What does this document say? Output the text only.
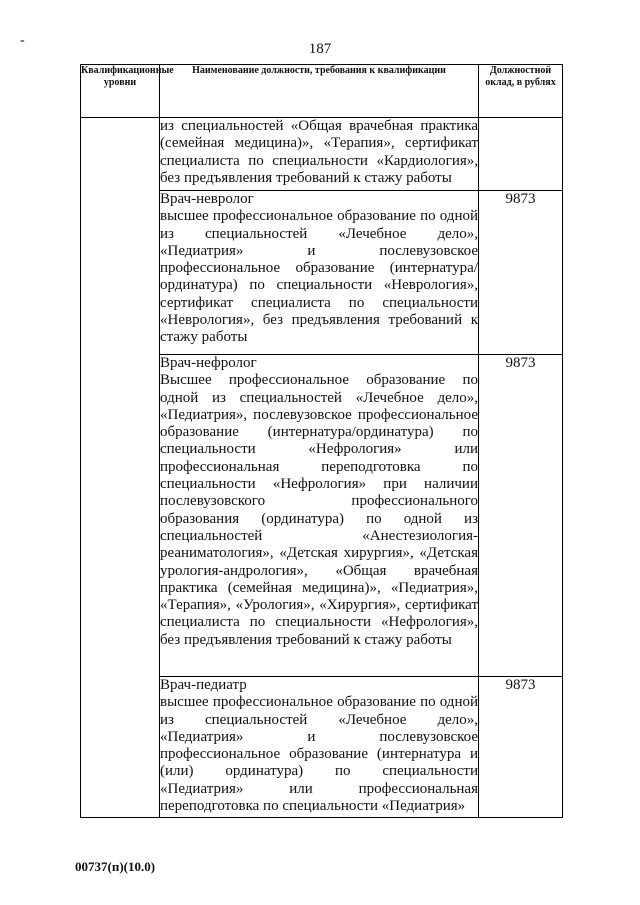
-
187
Квалификационные уровни	Наименование должности, требования к квалификации	Должностной оклад, в рублях

	из специальностей «Общая врачебная практика (семейная медицина)», «Терапия», сертификат специалиста по специальности «Кардиология», без предъявления требований к стажу работы	

	Врач-невролог
высшее профессиональное образование по одной из специальностей «Лечебное дело», «Педиатрия» и послевузовское профессиональное образование (интернатура/ординатура) по специальности «Неврология», сертификат специалиста по специальности «Неврология», без предъявления требований к стажу работы	9873

	Врач-нефролог
Высшее профессиональное образование по одной из специальностей «Лечебное дело», «Педиатрия», послевузовское профессиональное образование (интернатура/ординатура) по специальности «Нефрология» или профессиональная переподготовка по специальности «Нефрология» при наличии послевузовского профессионального образования (ординатура) по одной из специальностей «Анестезиология-реаниматология», «Детская хирургия», «Детская урология-андрология», «Общая врачебная практика (семейная медицина)», «Педиатрия», «Терапия», «Урология», «Хирургия», сертификат специалиста по специальности «Нефрология», без предъявления требований к стажу работы	9873

	Врач-педиатр
высшее профессиональное образование по одной из специальностей «Лечебное дело», «Педиатрия» и послевузовское профессиональное образование (интернатура и (или) ординатура) по специальности «Педиатрия» или профессиональная переподготовка по специальности «Педиатрия»	9873
00737(п)(10.0)
